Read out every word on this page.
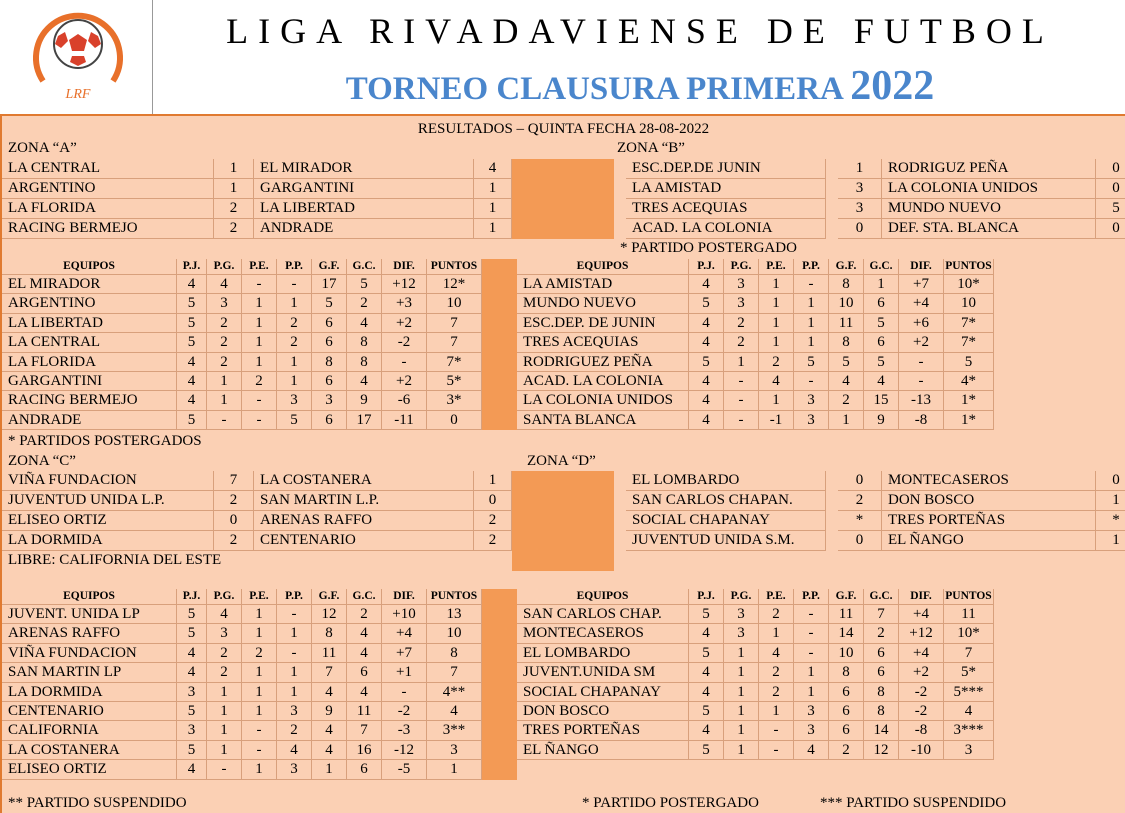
LRF
LIGA RIVADAVIENSE DE FUTBOL
TORNEO CLAUSURA PRIMERA 2022
RESULTADOS – QUINTA FECHA 28-08-2022
ZONA “A”	ZONA “B”
LA CENTRAL	1	EL MIRADOR	4	ESC.DEP.DE JUNIN	1	RODRIGUZ PEÑA	0
ARGENTINO	1	GARGANTINI	1	LA AMISTAD	3	LA COLONIA UNIDOS	0
LA FLORIDA	2	LA LIBERTAD	1	TRES ACEQUIAS	3	MUNDO NUEVO	5
RACING BERMEJO	2	ANDRADE	1	ACAD. LA COLONIA	0	DEF. STA. BLANCA	0
* PARTIDO POSTERGADO
EQUIPOS	P.J.	P.G.	P.E.	P.P.	G.F.	G.C.	DIF.	PUNTOS	EQUIPOS	P.J.	P.G.	P.E.	P.P.	G.F.	G.C.	DIF.	PUNTOS
EL MIRADOR	4	4	-	-	17	5	+12	12*	LA AMISTAD	4	3	1	-	8	1	+7	10*
ARGENTINO	5	3	1	1	5	2	+3	10	MUNDO NUEVO	5	3	1	1	10	6	+4	10
LA LIBERTAD	5	2	1	2	6	4	+2	7	ESC.DEP. DE JUNIN	4	2	1	1	11	5	+6	7*
LA CENTRAL	5	2	1	2	6	8	-2	7	TRES ACEQUIAS	4	2	1	1	8	6	+2	7*
LA FLORIDA	4	2	1	1	8	8	-	7*	RODRIGUEZ PEÑA	5	1	2	5	5	5	-	5
GARGANTINI	4	1	2	1	6	4	+2	5*	ACAD. LA COLONIA	4	-	4	-	4	4	-	4*
RACING BERMEJO	4	1	-	3	3	9	-6	3*	LA COLONIA UNIDOS	4	-	1	3	2	15	-13	1*
ANDRADE	5	-	-	5	6	17	-11	0	SANTA BLANCA	4	-	-1	3	1	9	-8	1*
* PARTIDOS POSTERGADOS
ZONA “C”	ZONA “D”
VIÑA FUNDACION	7	LA COSTANERA	1	EL LOMBARDO	0	MONTECASEROS	0
JUVENTUD UNIDA L.P.	2	SAN MARTIN L.P.	0	SAN CARLOS CHAPAN.	2	DON BOSCO	1
ELISEO ORTIZ	0	ARENAS RAFFO	2	SOCIAL CHAPANAY	*	TRES PORTEÑAS	*
LA DORMIDA	2	CENTENARIO	2	JUVENTUD UNIDA S.M.	0	EL ÑANGO	1
LIBRE: CALIFORNIA DEL ESTE
EQUIPOS	P.J.	P.G.	P.E.	P.P.	G.F.	G.C.	DIF.	PUNTOS	EQUIPOS	P.J.	P.G.	P.E.	P.P.	G.F.	G.C.	DIF.	PUNTOS
JUVENT. UNIDA LP	5	4	1	-	12	2	+10	13	SAN CARLOS CHAP.	5	3	2	-	11	7	+4	11
ARENAS RAFFO	5	3	1	1	8	4	+4	10	MONTECASEROS	4	3	1	-	14	2	+12	10*
VIÑA FUNDACION	4	2	2	-	11	4	+7	8	EL LOMBARDO	5	1	4	-	10	6	+4	7
SAN MARTIN LP	4	2	1	1	7	6	+1	7	JUVENT.UNIDA SM	4	1	2	1	8	6	+2	5*
LA DORMIDA	3	1	1	1	4	4	-	4**	SOCIAL CHAPANAY	4	1	2	1	6	8	-2	5***
CENTENARIO	5	1	1	3	9	11	-2	4	DON BOSCO	5	1	1	3	6	8	-2	4
CALIFORNIA	3	1	-	2	4	7	-3	3**	TRES PORTEÑAS	4	1	-	3	6	14	-8	3***
LA COSTANERA	5	1	-	4	4	16	-12	3	EL ÑANGO	5	1	-	4	2	12	-10	3
ELISEO ORTIZ	4	-	1	3	1	6	-5	1
** PARTIDO SUSPENDIDO	* PARTIDO POSTERGADO	*** PARTIDO SUSPENDIDO
